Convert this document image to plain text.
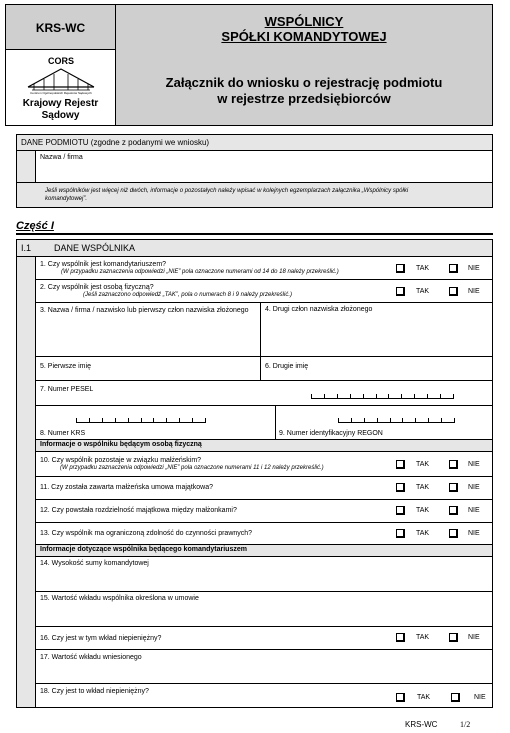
KRS-WC
CORS
Centrum Ogólnopolskich Rejestrów Sądowych
Krajowy Rejestr
Sądowy
WSPÓLNICY
SPÓŁKI KOMANDYTOWEJ
Załącznik do wniosku o rejestrację podmiotu
w rejestrze przedsiębiorców
DANE PODMIOTU (zgodne z podanymi we wniosku)
Nazwa / firma
Jeśli wspólników jest więcej niż dwóch, informacje o pozostałych należy wpisać w kolejnych egzemplarzach załącznika „Wspólnicy spółki komandytowej”.
Część I
I.1	DANE WSPÓLNIKA
1. Czy wspólnik jest komandytariuszem?
(W przypadku zaznaczenia odpowiedzi „NIE” pola oznaczone numerami od 14 do 18 należy przekreślić.)	TAK	NIE
2. Czy wspólnik jest osobą fizyczną?
(Jeśli zaznaczono odpowiedź „TAK”, pola o numerach 8 i 9 należy przekreślić.)	TAK	NIE
3. Nazwa / firma / nazwisko lub pierwszy człon nazwiska złożonego	4. Drugi człon nazwiska złożonego
5. Pierwsze imię	6. Drugie imię
7. Numer PESEL
8. Numer KRS	9. Numer identyfikacyjny REGON
Informacje o wspólniku będącym osobą fizyczną
10. Czy wspólnik pozostaje w związku małżeńskim?
(W przypadku zaznaczenia odpowiedzi „NIE” pola oznaczone numerami 11 i 12 należy przekreślić.)	TAK	NIE
11. Czy została zawarta małżeńska umowa majątkowa?	TAK	NIE
12. Czy powstała rozdzielność majątkowa między małżonkami?	TAK	NIE
13. Czy wspólnik ma ograniczoną zdolność do czynności prawnych?	TAK	NIE
Informacje dotyczące wspólnika będącego komandytariuszem
14. Wysokość sumy komandytowej
15. Wartość wkładu wspólnika określona w umowie
16. Czy jest w tym wkład niepieniężny?	TAK	NIE
17. Wartość wkładu wniesionego
18. Czy jest to wkład niepieniężny?
TAK	NIE
KRS-WC	1/2
